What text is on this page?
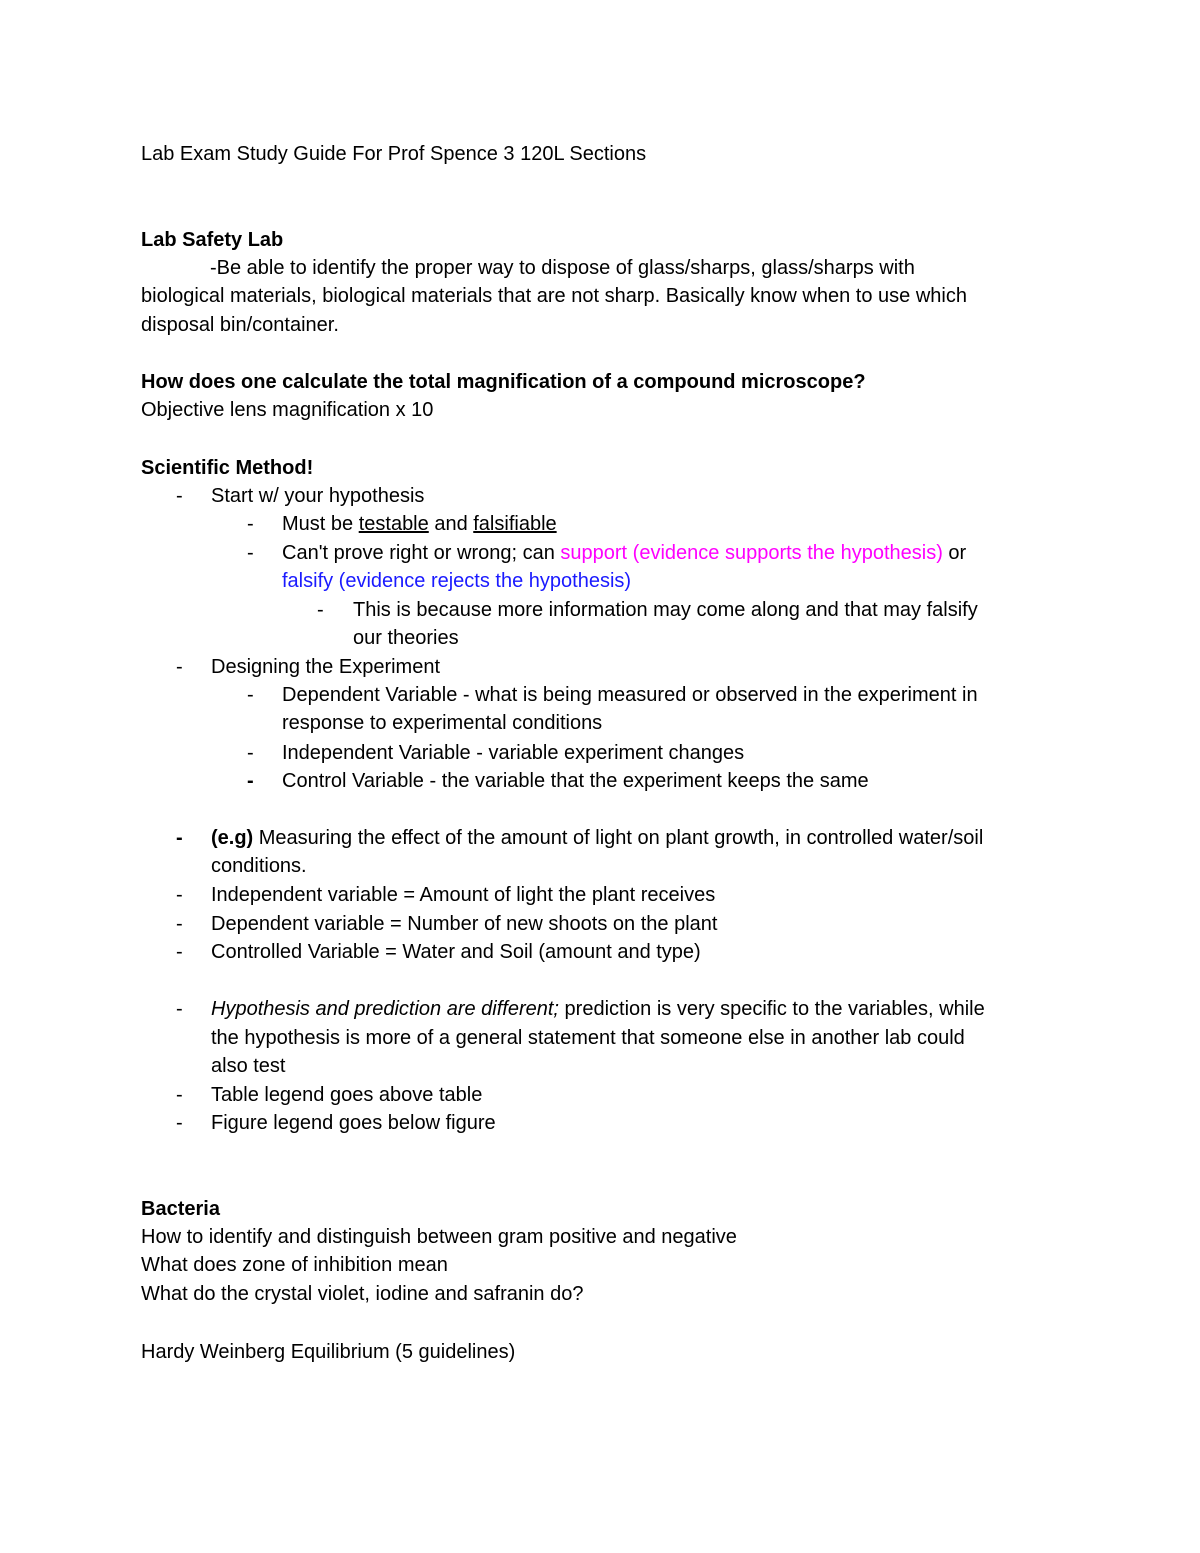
Lab Exam Study Guide For Prof Spence 3 120L Sections
Lab Safety Lab
-Be able to identify the proper way to dispose of glass/sharps, glass/sharps with
biological materials, biological materials that are not sharp. Basically know when to use which
disposal bin/container.
How does one calculate the total magnification of a compound microscope?
Objective lens magnification x 10
Scientific Method!
- Start w/ your hypothesis
- Must be testable and falsifiable
- Can't prove right or wrong; can support (evidence supports the hypothesis) or
falsify (evidence rejects the hypothesis)
- This is because more information may come along and that may falsify
our theories
- Designing the Experiment
- Dependent Variable - what is being measured or observed in the experiment in
response to experimental conditions
- Independent Variable - variable experiment changes
- Control Variable - the variable that the experiment keeps the same
- (e.g) Measuring the effect of the amount of light on plant growth, in controlled water/soil
conditions.
- Independent variable = Amount of light the plant receives
- Dependent variable = Number of new shoots on the plant
- Controlled Variable = Water and Soil (amount and type)
- Hypothesis and prediction are different; prediction is very specific to the variables, while
the hypothesis is more of a general statement that someone else in another lab could
also test
- Table legend goes above table
- Figure legend goes below figure
Bacteria
How to identify and distinguish between gram positive and negative
What does zone of inhibition mean
What do the crystal violet, iodine and safranin do?
Hardy Weinberg Equilibrium (5 guidelines)
